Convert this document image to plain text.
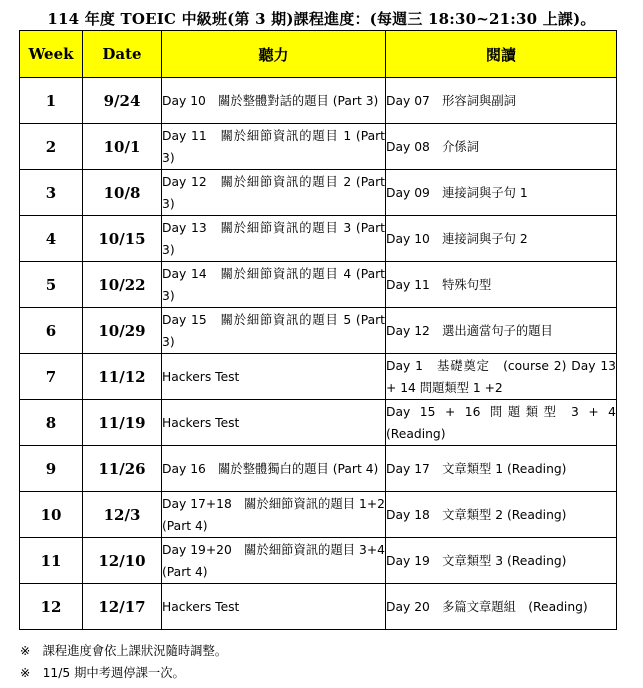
114 年度 TOEIC 中級班(第 3 期)課程進度：(每週三 18:30~21:30 上課)。
Week	Date	聽力	閱讀
1	9/24	Day 10　關於整體對話的題目 (Part 3)	Day 07　形容詞與副詞
2	10/1	Day 11　關於細節資訊的題目 1 (Part 3)	Day 08　介係詞
3	10/8	Day 12　關於細節資訊的題目 2 (Part 3)	Day 09　連接詞與子句 1
4	10/15	Day 13　關於細節資訊的題目 3 (Part 3)	Day 10　連接詞與子句 2
5	10/22	Day 14　關於細節資訊的題目 4 (Part 3)	Day 11　特殊句型
6	10/29	Day 15　關於細節資訊的題目 5 (Part 3)	Day 12　選出適當句子的題目
7	11/12	Hackers Test	Day 1　基礎奠定　(course 2) Day 13 + 14 問題類型 1 +2
8	11/19	Hackers Test	Day 15 + 16 問題類型 3 + 4 (Reading)
9	11/26	Day 16　關於整體獨白的題目 (Part 4)	Day 17　文章類型 1 (Reading)
10	12/3	Day 17+18　關於細節資訊的題目 1+2 (Part 4)	Day 18　文章類型 2 (Reading)
11	12/10	Day 19+20　關於細節資訊的題目 3+4 (Part 4)	Day 19　文章類型 3 (Reading)
12	12/17	Hackers Test	Day 20　多篇文章題組　(Reading)
※　課程進度會依上課狀況隨時調整。
※　11/5 期中考週停課一次。
